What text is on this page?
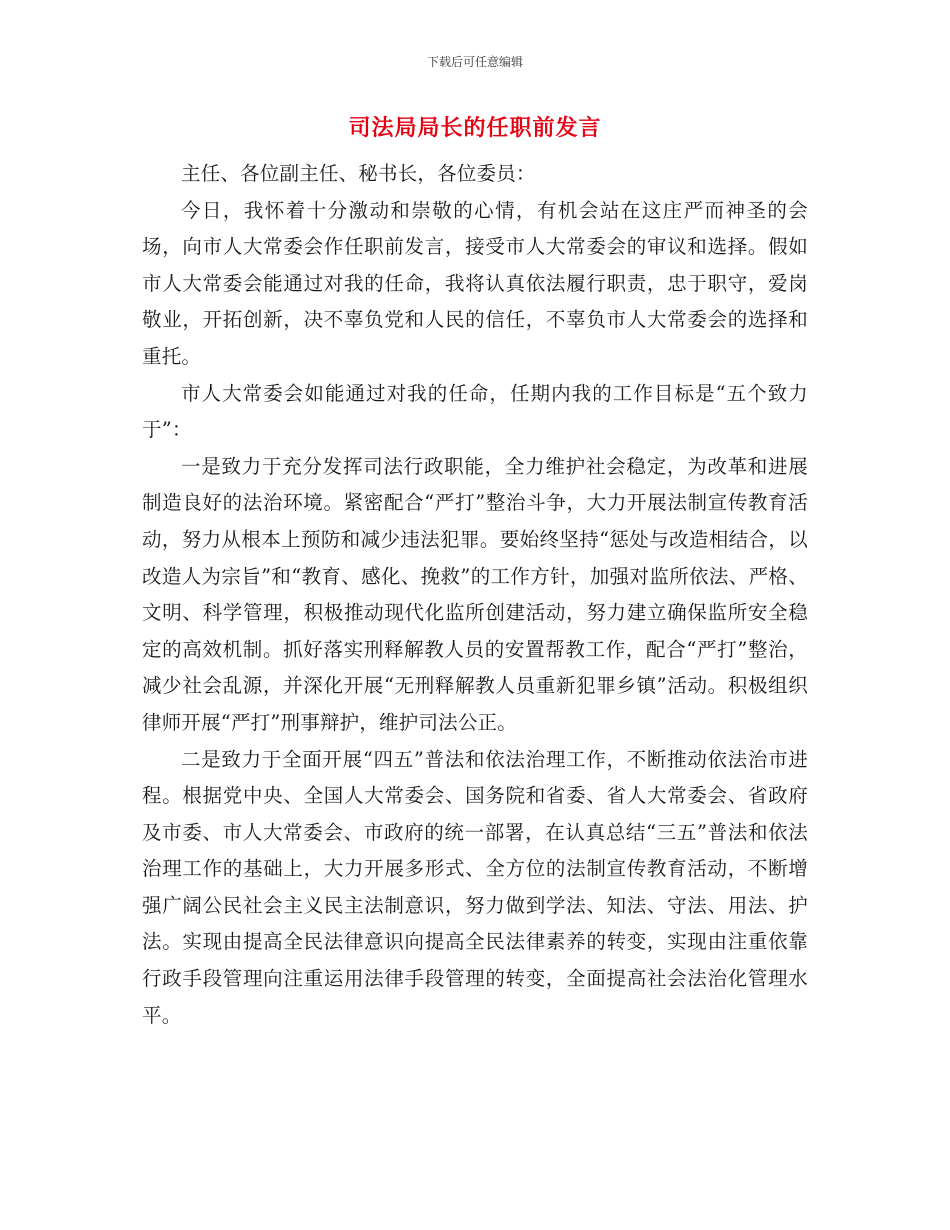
下载后可任意编辑
司法局局长的任职前发言

主任、各位副主任、秘书长，各位委员：

今日，我怀着十分激动和崇敬的心情，有机会站在这庄严而神圣的会场，向市人大常委会作任职前发言，接受市人大常委会的审议和选择。假如市人大常委会能通过对我的任命，我将认真依法履行职责，忠于职守，爱岗敬业，开拓创新，决不辜负党和人民的信任，不辜负市人大常委会的选择和重托。

市人大常委会如能通过对我的任命，任期内我的工作目标是“五个致力于”：

一是致力于充分发挥司法行政职能，全力维护社会稳定，为改革和进展制造良好的法治环境。紧密配合“严打”整治斗争，大力开展法制宣传教育活动，努力从根本上预防和减少违法犯罪。要始终坚持“惩处与改造相结合，以改造人为宗旨”和“教育、感化、挽救”的工作方针，加强对监所依法、严格、文明、科学管理，积极推动现代化监所创建活动，努力建立确保监所安全稳定的高效机制。抓好落实刑释解教人员的安置帮教工作，配合“严打”整治，减少社会乱源，并深化开展“无刑释解教人员重新犯罪乡镇”活动。积极组织律师开展“严打”刑事辩护，维护司法公正。

二是致力于全面开展“四五”普法和依法治理工作，不断推动依法治市进程。根据党中央、全国人大常委会、国务院和省委、省人大常委会、省政府及市委、市人大常委会、市政府的统一部署，在认真总结“三五”普法和依法治理工作的基础上，大力开展多形式、全方位的法制宣传教育活动，不断增强广阔公民社会主义民主法制意识，努力做到学法、知法、守法、用法、护法。实现由提高全民法律意识向提高全民法律素养的转变，实现由注重依靠行政手段管理向注重运用法律手段管理的转变，全面提高社会法治化管理水平。
